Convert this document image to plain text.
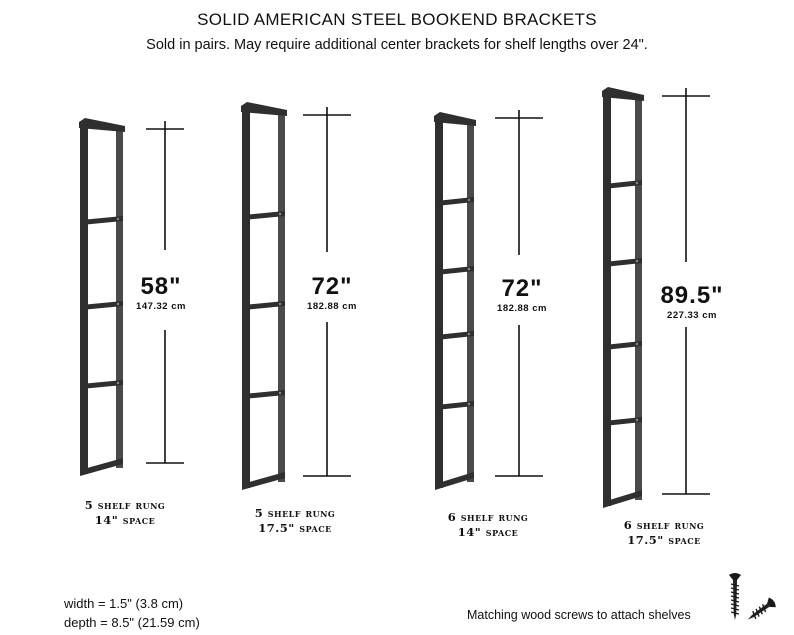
SOLID AMERICAN STEEL BOOKEND BRACKETS
Sold in pairs. May require additional center brackets for shelf lengths over 24".
58"
147.32 cm
72"
182.88 cm
72"
182.88 cm	89.5"
227.33 cm
5 shelf rung
14" space	5 shelf rung
17.5" space
6 shelf rung
14" space	6 shelf rung
17.5" space
width = 1.5" (3.8 cm)
depth = 8.5" (21.59 cm)	Matching wood screws to attach shelves
